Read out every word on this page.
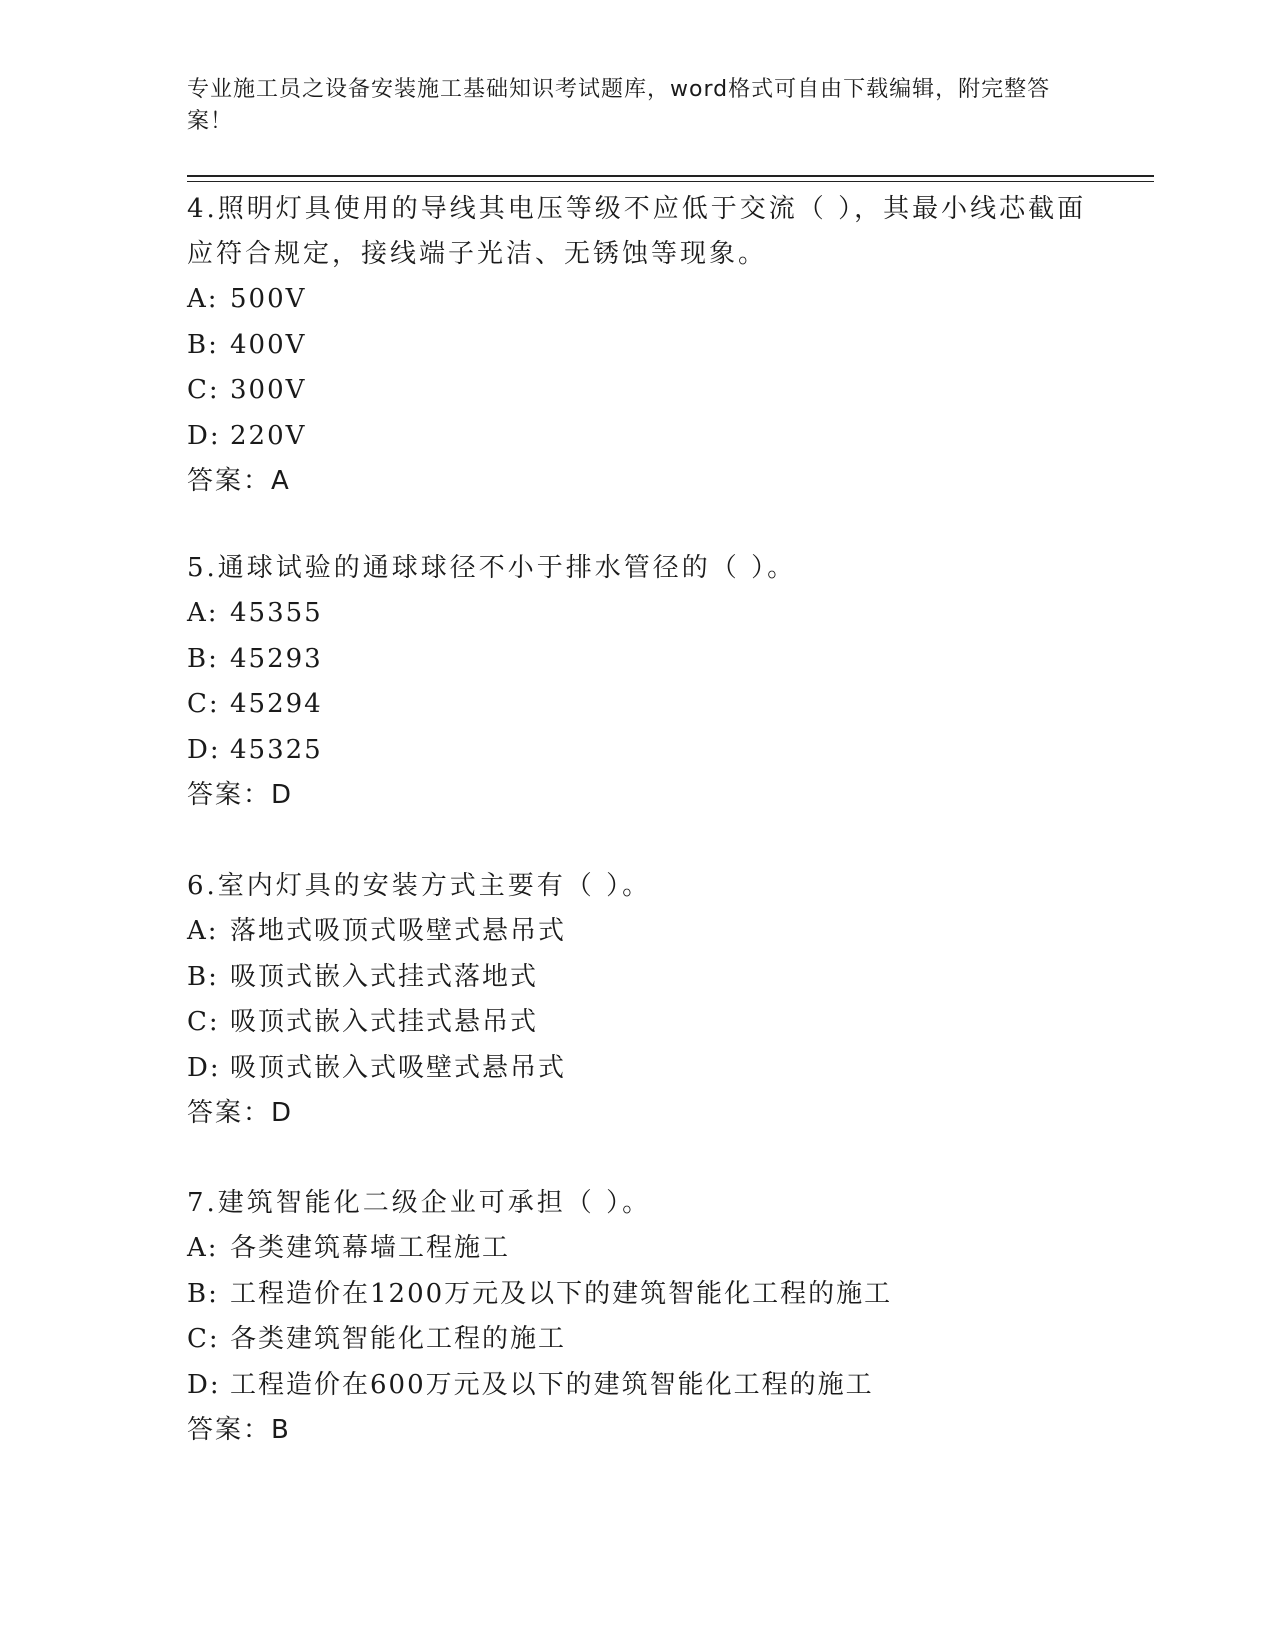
专业施工员之设备安装施工基础知识考试题库，word格式可自由下载编辑，附完整答案！

4.照明灯具使用的导线其电压等级不应低于交流（ ），其最小线芯截面应符合规定，接线端子光洁、无锈蚀等现象。

A: 500V

B: 400V

C: 300V

D: 220V

答案：A

5.通球试验的通球球径不小于排水管径的（ ）。

A: 45355

B: 45293

C: 45294

D: 45325

答案：D

6.室内灯具的安装方式主要有（ ）。

A: 落地式吸顶式吸壁式悬吊式

B: 吸顶式嵌入式挂式落地式

C: 吸顶式嵌入式挂式悬吊式

D: 吸顶式嵌入式吸壁式悬吊式

答案：D

7.建筑智能化二级企业可承担（ ）。

A: 各类建筑幕墙工程施工

B: 工程造价在1200万元及以下的建筑智能化工程的施工

C: 各类建筑智能化工程的施工

D: 工程造价在600万元及以下的建筑智能化工程的施工

答案：B
